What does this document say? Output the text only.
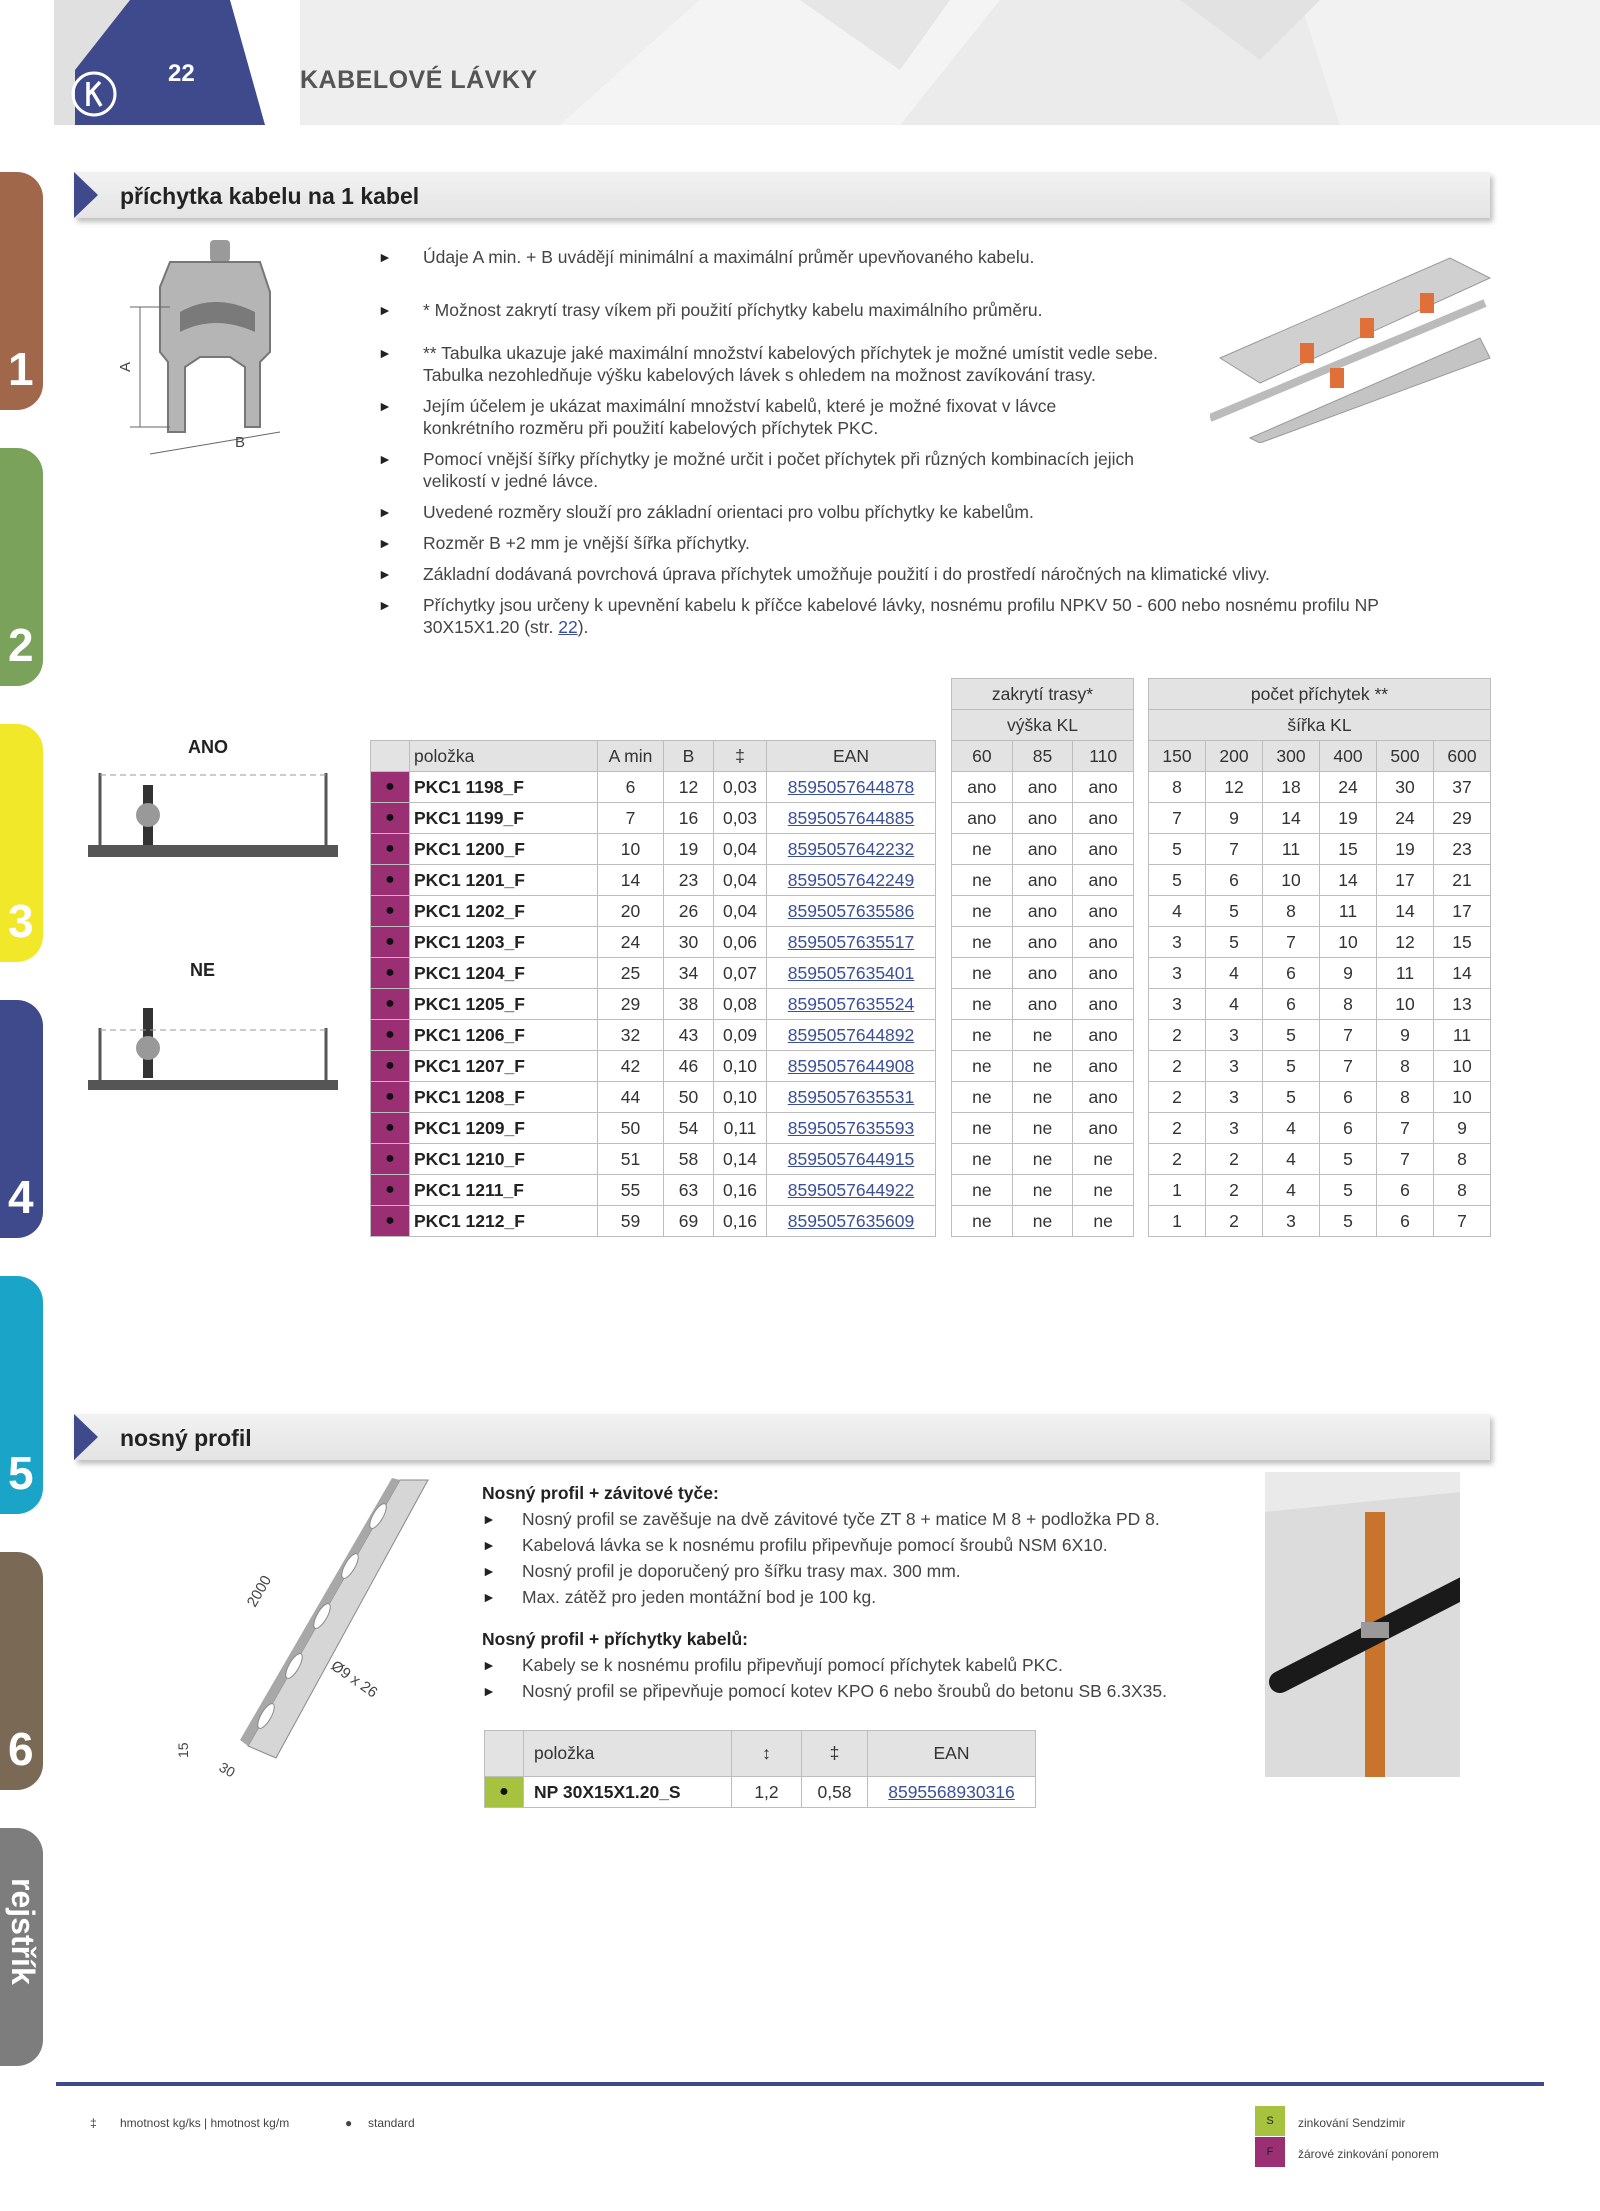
22	KABELOVÉ LÁVKY
1
2
3
4
5
6
rejstřík
příchytka kabelu na 1 kabel
A
B
► Údaje A min. + B uvádějí minimální a maximální průměr upevňovaného kabelu.
► * Možnost zakrytí trasy víkem při použití příchytky kabelu maximálního průměru.
► ** Tabulka ukazuje jaké maximální množství kabelových příchytek je možné umístit vedle sebe. Tabulka nezohledňuje výšku kabelových lávek s ohledem na možnost zavíkování trasy.
► Jejím účelem je ukázat maximální množství kabelů, které je možné fixovat v lávce konkrétního rozměru při použití kabelových příchytek PKC.
► Pomocí vnější šířky příchytky je možné určit i počet příchytek při různých kombinacích jejich velikostí v jedné lávce.
► Uvedené rozměry slouží pro základní orientaci pro volbu příchytky ke kabelům.
► Rozměr B +2 mm je vnější šířka příchytky.
► Základní dodávaná povrchová úprava příchytek umožňuje použití i do prostředí náročných na klimatické vlivy.
► Příchytky jsou určeny k upevnění kabelu k příčce kabelové lávky, nosnému profilu NPKV 50 - 600 nebo nosnému profilu NP 30X15X1.20 (str. 22).
ANO
NE
	položka	A min	B	‡	EAN
●	PKC1 1198_F	6	12	0,03	8595057644878
●	PKC1 1199_F	7	16	0,03	8595057644885
●	PKC1 1200_F	10	19	0,04	8595057642232
●	PKC1 1201_F	14	23	0,04	8595057642249
●	PKC1 1202_F	20	26	0,04	8595057635586
●	PKC1 1203_F	24	30	0,06	8595057635517
●	PKC1 1204_F	25	34	0,07	8595057635401
●	PKC1 1205_F	29	38	0,08	8595057635524
●	PKC1 1206_F	32	43	0,09	8595057644892
●	PKC1 1207_F	42	46	0,10	8595057644908
●	PKC1 1208_F	44	50	0,10	8595057635531
●	PKC1 1209_F	50	54	0,11	8595057635593
●	PKC1 1210_F	51	58	0,14	8595057644915
●	PKC1 1211_F	55	63	0,16	8595057644922
●	PKC1 1212_F	59	69	0,16	8595057635609
zakrytí trasy*		
výška KL		
60	85	110
ano	ano	ano
ano	ano	ano
ne	ano	ano
ne	ano	ano
ne	ano	ano
ne	ano	ano
ne	ano	ano
ne	ano	ano
ne	ne	ano
ne	ne	ano
ne	ne	ano
ne	ne	ano
ne	ne	ne
ne	ne	ne
ne	ne	ne
počet příchytek **					
šířka KL					
150	200	300	400	500	600
8	12	18	24	30	37
7	9	14	19	24	29
5	7	11	15	19	23
5	6	10	14	17	21
4	5	8	11	14	17
3	5	7	10	12	15
3	4	6	9	11	14
3	4	6	8	10	13
2	3	5	7	9	11
2	3	5	7	8	10
2	3	5	6	8	10
2	3	4	6	7	9
2	2	4	5	7	8
1	2	4	5	6	8
1	2	3	5	6	7
nosný profil
2000
Ø9 x 26
15
30
Nosný profil + závitové tyče:
► Nosný profil se zavěšuje na dvě závitové tyče ZT 8 + matice M 8 + podložka PD 8.
► Kabelová lávka se k nosnému profilu připevňuje pomocí šroubů NSM 6X10.
► Nosný profil je doporučený pro šířku trasy max. 300 mm.
► Max. zátěž pro jeden montážní bod je 100 kg.
Nosný profil + příchytky kabelů:
► Kabely se k nosnému profilu připevňují pomocí příchytek kabelů PKC.
► Nosný profil se připevňuje pomocí kotev KPO 6 nebo šroubů do betonu SB 6.3X35.
	položka	↕	‡	EAN
●	NP 30X15X1.20_S	1,2	0,58	8595568930316
‡ hmotnost kg/ks | hmotnost kg/m	● standard	S	zinkování Sendzimir
F	žárové zinkování ponorem
